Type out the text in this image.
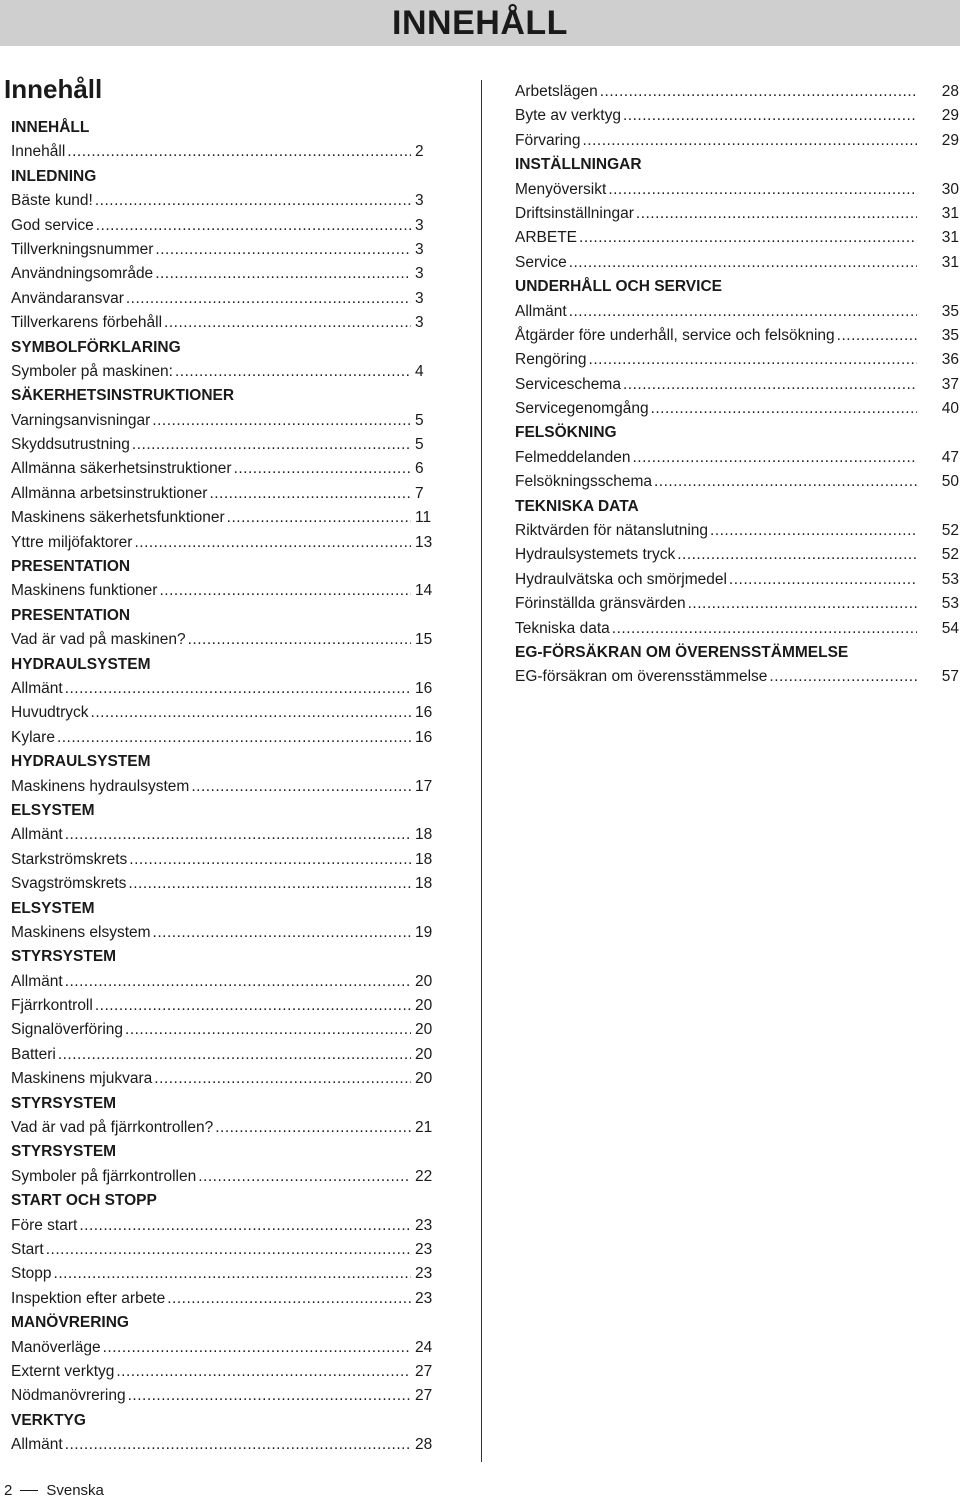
INNEHÅLL
Innehåll
INNEHÅLL
Innehåll .....	2
INLEDNING
Bäste kund! .....	3
God service .....	3
Tillverkningsnummer .....	3
Användningsområde .....	3
Användaransvar .....	3
Tillverkarens förbehåll .....	3
SYMBOLFÖRKLARING
Symboler på maskinen: .....	4
SÄKERHETSINSTRUKTIONER
Varningsanvisningar .....	5
Skyddsutrustning .....	5
Allmänna säkerhetsinstruktioner .....	6
Allmänna arbetsinstruktioner .....	7
Maskinens säkerhetsfunktioner .....	11
Yttre miljöfaktorer .....	13
PRESENTATION
Maskinens funktioner .....	14
PRESENTATION
Vad är vad på maskinen? .....	15
HYDRAULSYSTEM
Allmänt .....	16
Huvudtryck .....	16
Kylare .....	16
HYDRAULSYSTEM
Maskinens hydraulsystem .....	17
ELSYSTEM
Allmänt .....	18
Starkströmskrets .....	18
Svagströmskrets .....	18
ELSYSTEM
Maskinens elsystem .....	19
STYRSYSTEM
Allmänt .....	20
Fjärrkontroll .....	20
Signalöverföring .....	20
Batteri .....	20
Maskinens mjukvara .....	20
STYRSYSTEM
Vad är vad på fjärrkontrollen? .....	21
STYRSYSTEM
Symboler på fjärrkontrollen .....	22
START OCH STOPP
Före start .....	23
Start .....	23
Stopp .....	23
Inspektion efter arbete .....	23
MANÖVRERING
Manöverläge .....	24
Externt verktyg .....	27
Nödmanövrering .....	27
VERKTYG
Allmänt .....	28
Arbetslägen .....	28
Byte av verktyg .....	29
Förvaring .....	29
INSTÄLLNINGAR
Menyöversikt .....	30
Driftsinställningar .....	31
ARBETE .....	31
Service .....	31
UNDERHÅLL OCH SERVICE
Allmänt .....	35
Åtgärder före underhåll, service och felsökning .....	35
Rengöring .....	36
Serviceschema .....	37
Servicegenomgång .....	40
FELSÖKNING
Felmeddelanden .....	47
Felsökningsschema .....	50
TEKNISKA DATA
Riktvärden för nätanslutning .....	52
Hydraulsystemets tryck .....	52
Hydraulvätska och smörjmedel .....	53
Förinställda gränsvärden .....	53
Tekniska data .....	54
EG-FÖRSÄKRAN OM ÖVERENSSTÄMMELSE
EG-försäkran om överensstämmelse .....	57
2 Svenska
